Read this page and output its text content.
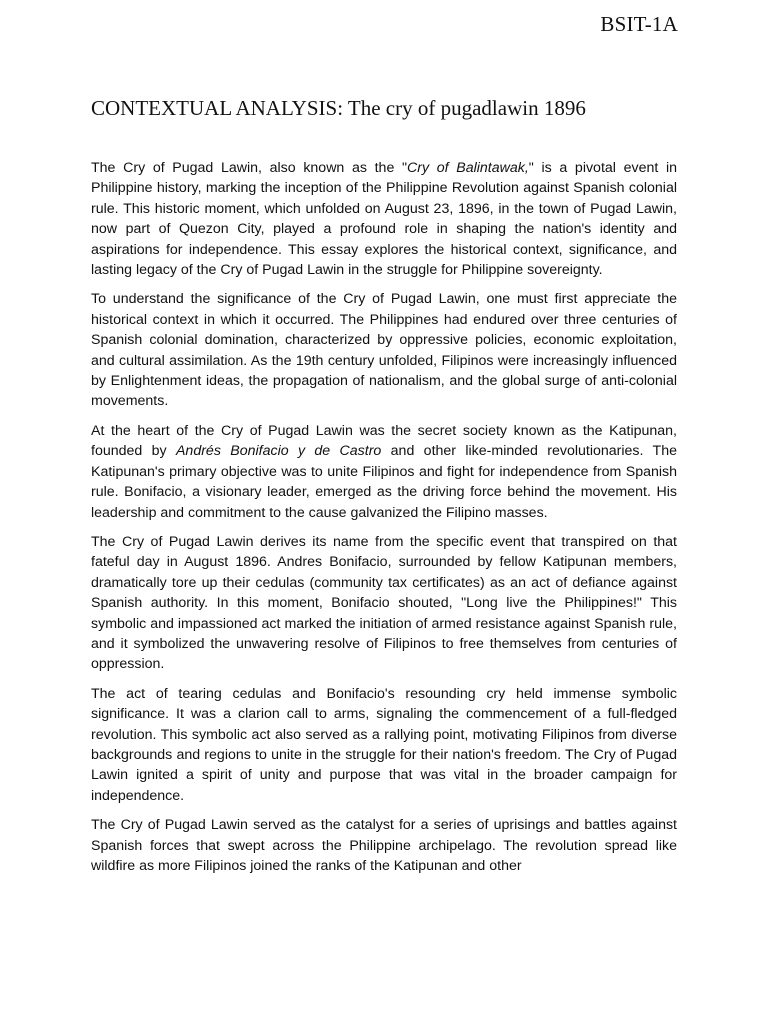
BSIT-1A
CONTEXTUAL ANALYSIS: The cry of pugadlawin 1896

The Cry of Pugad Lawin, also known as the "Cry of Balintawak," is a pivotal event in Philippine history, marking the inception of the Philippine Revolution against Spanish colonial rule. This historic moment, which unfolded on August 23, 1896, in the town of Pugad Lawin, now part of Quezon City, played a profound role in shaping the nation's identity and aspirations for independence. This essay explores the historical context, significance, and lasting legacy of the Cry of Pugad Lawin in the struggle for Philippine sovereignty.

To understand the significance of the Cry of Pugad Lawin, one must first appreciate the historical context in which it occurred. The Philippines had endured over three centuries of Spanish colonial domination, characterized by oppressive policies, economic exploitation, and cultural assimilation. As the 19th century unfolded, Filipinos were increasingly influenced by Enlightenment ideas, the propagation of nationalism, and the global surge of anti-colonial movements.

At the heart of the Cry of Pugad Lawin was the secret society known as the Katipunan, founded by Andrés Bonifacio y de Castro and other like-minded revolutionaries. The Katipunan's primary objective was to unite Filipinos and fight for independence from Spanish rule. Bonifacio, a visionary leader, emerged as the driving force behind the movement. His leadership and commitment to the cause galvanized the Filipino masses.

The Cry of Pugad Lawin derives its name from the specific event that transpired on that fateful day in August 1896. Andres Bonifacio, surrounded by fellow Katipunan members, dramatically tore up their cedulas (community tax certificates) as an act of defiance against Spanish authority. In this moment, Bonifacio shouted, "Long live the Philippines!" This symbolic and impassioned act marked the initiation of armed resistance against Spanish rule, and it symbolized the unwavering resolve of Filipinos to free themselves from centuries of oppression.

The act of tearing cedulas and Bonifacio's resounding cry held immense symbolic significance. It was a clarion call to arms, signaling the commencement of a full-fledged revolution. This symbolic act also served as a rallying point, motivating Filipinos from diverse backgrounds and regions to unite in the struggle for their nation's freedom. The Cry of Pugad Lawin ignited a spirit of unity and purpose that was vital in the broader campaign for independence.

The Cry of Pugad Lawin served as the catalyst for a series of uprisings and battles against Spanish forces that swept across the Philippine archipelago. The revolution spread like wildfire as more Filipinos joined the ranks of the Katipunan and other
